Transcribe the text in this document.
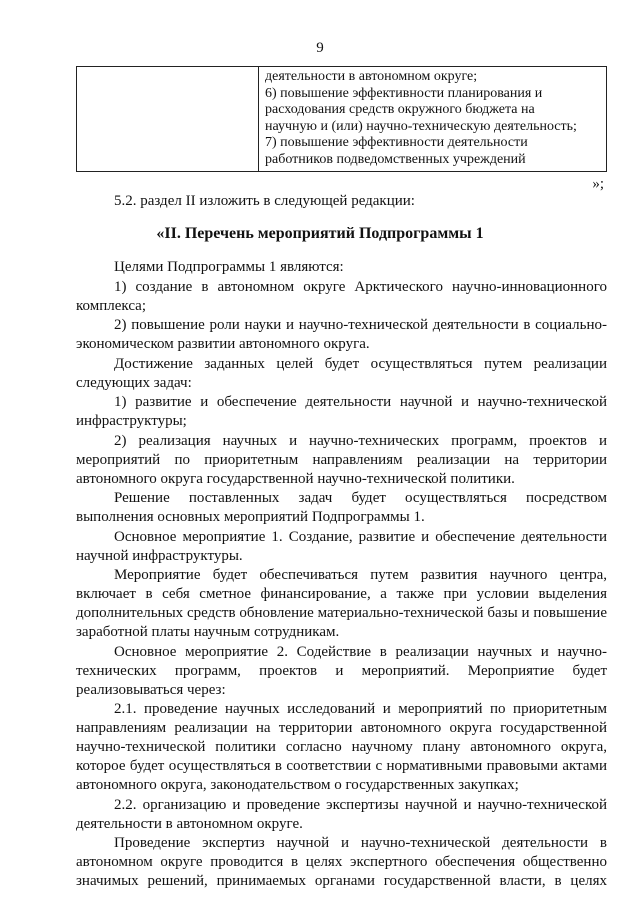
9

деятельности в автономном округе;
6) повышение эффективности планирования и
расходования средств окружного бюджета на
научную и (или) научно-техническую деятельность;
7) повышение эффективности деятельности
работников подведомственных учреждений
»;
5.2. раздел II изложить в следующей редакции:
«II. Перечень мероприятий Подпрограммы 1

Целями Подпрограммы 1 являются:

1) создание в автономном округе Арктического научно-инновационного комплекса;

2) повышение роли науки и научно-технической деятельности в социально-экономическом развитии автономного округа.

Достижение заданных целей будет осуществляться путем реализации следующих задач:

1) развитие и обеспечение деятельности научной и научно-технической инфраструктуры;

2) реализация научных и научно-технических программ, проектов и мероприятий по приоритетным направлениям реализации на территории автономного округа государственной научно-технической политики.

Решение поставленных задач будет осуществляться посредством выполнения основных мероприятий Подпрограммы 1.

Основное мероприятие 1. Создание, развитие и обеспечение деятельности научной инфраструктуры.

Мероприятие будет обеспечиваться путем развития научного центра, включает в себя сметное финансирование, а также при условии выделения дополнительных средств обновление материально-технической базы и повышение заработной платы научным сотрудникам.

Основное мероприятие 2. Содействие в реализации научных и научно-технических программ, проектов и мероприятий. Мероприятие будет реализовываться через:

2.1. проведение научных исследований и мероприятий по приоритетным направлениям реализации на территории автономного округа государственной научно-технической политики согласно научному плану автономного округа, которое будет осуществляться в соответствии с нормативными правовыми актами автономного округа, законодательством о государственных закупках;

2.2. организацию и проведение экспертизы научной и научно-технической деятельности в автономном округе.

Проведение экспертиз научной и научно-технической деятельности в автономном округе проводится в целях экспертного обеспечения общественно значимых решений, принимаемых органами государственной власти, в целях
